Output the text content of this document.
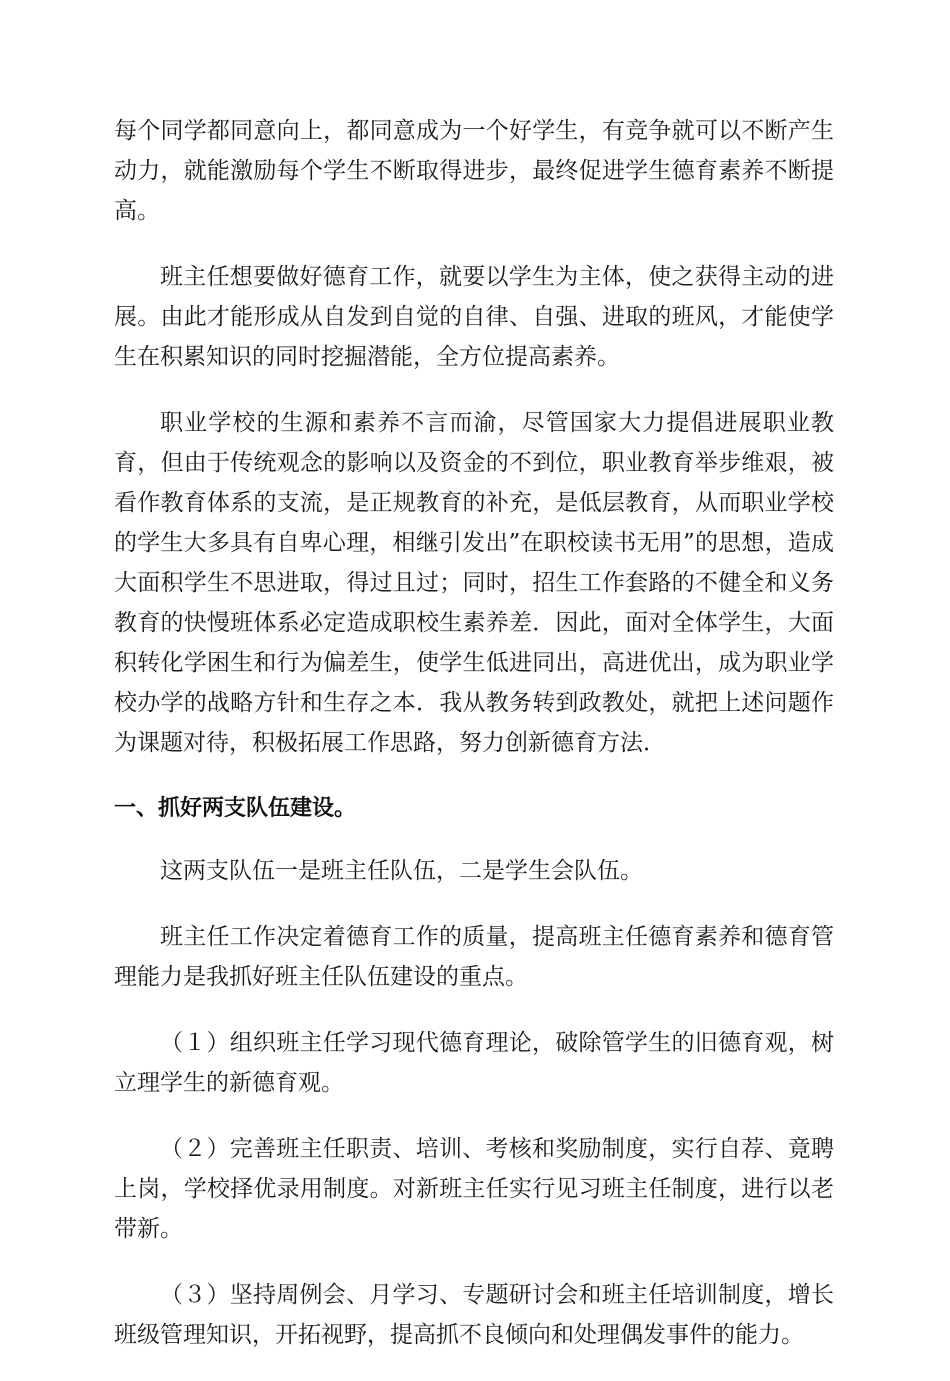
每个同学都同意向上，都同意成为一个好学生，有竞争就可以不断产生动力，就能激励每个学生不断取得进步，最终促进学生德育素养不断提高。

班主任想要做好德育工作，就要以学生为主体，使之获得主动的进展。由此才能形成从自发到自觉的自律、自强、进取的班风，才能使学生在积累知识的同时挖掘潜能，全方位提高素养。

职业学校的生源和素养不言而渝，尽管国家大力提倡进展职业教育，但由于传统观念的影响以及资金的不到位，职业教育举步维艰，被看作教育体系的支流，是正规教育的补充，是低层教育，从而职业学校的学生大多具有自卑心理，相继引发出”在职校读书无用”的思想，造成大面积学生不思进取，得过且过；同时，招生工作套路的不健全和义务教育的快慢班体系必定造成职校生素养差．因此，面对全体学生，大面积转化学困生和行为偏差生，使学生低进同出，高进优出，成为职业学校办学的战略方针和生存之本．我从教务转到政教处，就把上述问题作为课题对待，积极拓展工作思路，努力创新德育方法．

一、抓好两支队伍建设。

这两支队伍一是班主任队伍，二是学生会队伍。

班主任工作决定着德育工作的质量，提高班主任德育素养和德育管理能力是我抓好班主任队伍建设的重点。

（１）组织班主任学习现代德育理论，破除管学生的旧德育观，树立理学生的新德育观。

（２）完善班主任职责、培训、考核和奖励制度，实行自荐、竟聘上岗，学校择优录用制度。对新班主任实行见习班主任制度，进行以老带新。

（３）坚持周例会、月学习、专题研讨会和班主任培训制度，增长班级管理知识，开拓视野，提高抓不良倾向和处理偶发事件的能力。
